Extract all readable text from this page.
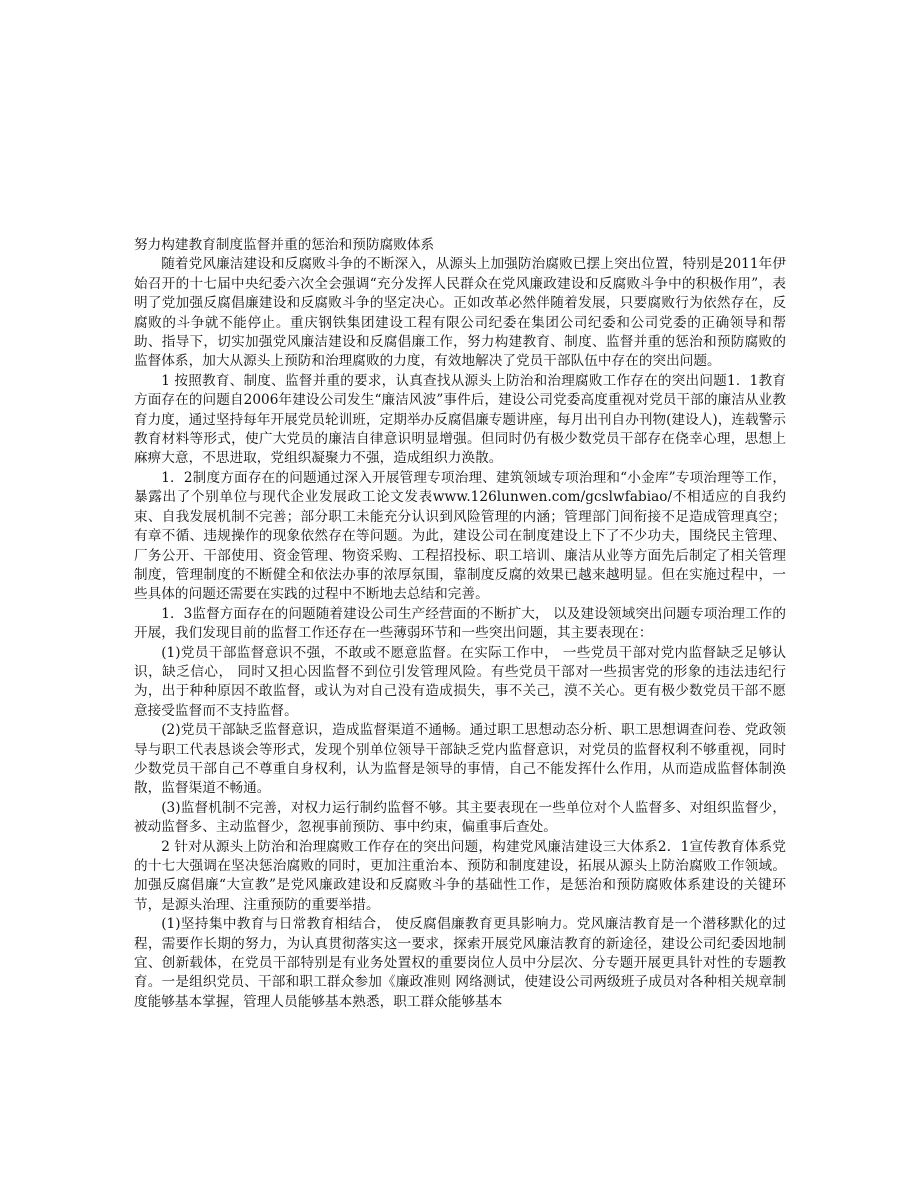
努力构建教育制度监督并重的惩治和预防腐败体系

随着党风廉洁建设和反腐败斗争的不断深入，从源头上加强防治腐败已摆上突出位置，特别是2011年伊始召开的十七届中央纪委六次全会强调“充分发挥人民群众在党风廉政建设和反腐败斗争中的积极作用”，表明了党加强反腐倡廉建设和反腐败斗争的坚定决心。正如改革必然伴随着发展，只要腐败行为依然存在，反腐败的斗争就不能停止。重庆钢铁集团建设工程有限公司纪委在集团公司纪委和公司党委的正确领导和帮助、指导下，切实加强党风廉洁建设和反腐倡廉工作，努力构建教育、制度、监督并重的惩治和预防腐败的监督体系，加大从源头上预防和治理腐败的力度，有效地解决了党员干部队伍中存在的突出问题。

1 按照教育、制度、监督并重的要求，认真查找从源头上防治和治理腐败工作存在的突出问题1．1教育方面存在的问题自2006年建设公司发生“廉洁风波”事件后，建设公司党委高度重视对党员干部的廉洁从业教育力度，通过坚持每年开展党员轮训班，定期举办反腐倡廉专题讲座，每月出刊自办刊物(建设人)，连载警示教育材料等形式，使广大党员的廉洁自律意识明显增强。但同时仍有极少数党员干部存在侥幸心理，思想上麻痹大意，不思进取，党组织凝聚力不强，造成组织力涣散。

1．2制度方面存在的问题通过深入开展管理专项治理、建筑领域专项治理和“小金库”专项治理等工作，暴露出了个别单位与现代企业发展政工论文发表www.126lunwen.com/gcslwfabiao/不相适应的自我约束、自我发展机制不完善；部分职工未能充分认识到风险管理的内涵；管理部门间衔接不足造成管理真空；有章不循、违规操作的现象依然存在等问题。为此，建设公司在制度建设上下了不少功夫，围绕民主管理、厂务公开、干部使用、资金管理、物资采购、工程招投标、职工培训、廉洁从业等方面先后制定了相关管理制度，管理制度的不断健全和依法办事的浓厚氛围，靠制度反腐的效果已越来越明显。但在实施过程中，一些具体的问题还需要在实践的过程中不断地去总结和完善。

1．3监督方面存在的问题随着建设公司生产经营面的不断扩大， 以及建设领域突出问题专项治理工作的开展，我们发现目前的监督工作还存在一些薄弱环节和一些突出问题，其主要表现在：

(1)党员干部监督意识不强，不敢或不愿意监督。在实际工作中， 一些党员干部对党内监督缺乏足够认识，缺乏信心， 同时又担心因监督不到位引发管理风险。有些党员干部对一些损害党的形象的违法违纪行为，出于种种原因不敢监督，或认为对自己没有造成损失，事不关己，漠不关心。更有极少数党员干部不愿意接受监督而不支持监督。

(2)党员干部缺乏监督意识，造成监督渠道不通畅。通过职工思想动态分析、职工思想调查问卷、党政领导与职工代表恳谈会等形式，发现个别单位领导干部缺乏党内监督意识，对党员的监督权利不够重视，同时少数党员干部自己不尊重自身权利，认为监督是领导的事情，自己不能发挥什么作用，从而造成监督体制涣散，监督渠道不畅通。

(3)监督机制不完善，对权力运行制约监督不够。其主要表现在一些单位对个人监督多、对组织监督少，被动监督多、主动监督少，忽视事前预防、事中约束，偏重事后查处。

2 针对从源头上防治和治理腐败工作存在的突出问题，构建党风廉洁建设三大体系2．1宣传教育体系党的十七大强调在坚决惩治腐败的同时，更加注重治本、预防和制度建设，拓展从源头上防治腐败工作领域。加强反腐倡廉“大宣教”是党风廉政建设和反腐败斗争的基础性工作，是惩治和预防腐败体系建设的关键环节，是源头治理、注重预防的重要举措。

(1)坚持集中教育与日常教育相结合， 使反腐倡廉教育更具影响力。党风廉洁教育是一个潜移默化的过程，需要作长期的努力，为认真贯彻落实这一要求，探索开展党风廉洁教育的新途径，建设公司纪委因地制宜、创新载体，在党员干部特别是有业务处置权的重要岗位人员中分层次、分专题开展更具针对性的专题教育。一是组织党员、干部和职工群众参加《廉政准则 网络测试，使建设公司两级班子成员对各种相关规章制度能够基本掌握，管理人员能够基本熟悉，职工群众能够基本
